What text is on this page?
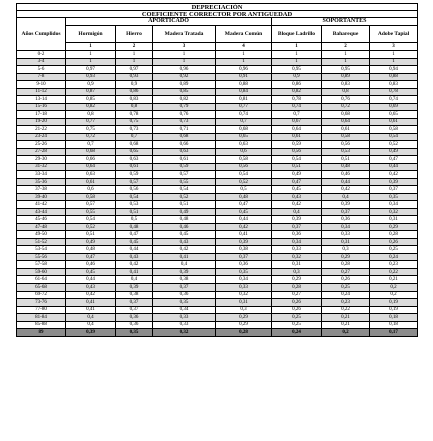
DEPRECIACIÓN							
COEFICIENTE CORRECTOR POR ANTIGÜEDAD							
Años Cumplidos	APORTICADO				SOPORTANTES		
	Hormigón	Hierro	Madera Tratada	Madera Común	Bloque Ladrillo	Bahareque	Adobe Tapial
	1	2	3	4	1	2	3
0-2	1	1	1	1	1	1	1
3-4	1	1	1	1	1	1	1
5-6	0,97	0,97	0,96	0,96	0,95	0,95	0,94
7-8	0,93	0,93	0,92	0,91	0,9	0,89	0,88
9-10	0,9	0,9	0,89	0,88	0,86	0,83	0,83
11-12	0,87	0,86	0,85	0,84	0,82	0,8	0,78
13-14	0,85	0,83	0,82	0,81	0,78	0,76	0,74
15-16	0,82	0,8	0,79	0,77	0,74	0,72	0,69
17-18	0,8	0,78	0,76	0,74	0,7	0,68	0,65
19-20	0,77	0,75	0,73	0,7	0,67	0,64	0,61
21-22	0,75	0,73	0,71	0,68	0,64	0,61	0,58
23-24	0,72	0,7	0,68	0,65	0,61	0,58	0,54
25-26	0,7	0,68	0,66	0,63	0,59	0,56	0,52
27-28	0,68	0,65	0,63	0,6	0,56	0,53	0,49
29-30	0,66	0,63	0,61	0,58	0,54	0,51	0,47
31-32	0,64	0,61	0,59	0,56	0,51	0,48	0,44
33-34	0,63	0,59	0,57	0,54	0,49	0,46	0,42
35-36	0,61	0,57	0,55	0,52	0,47	0,44	0,39
37-38	0,6	0,56	0,54	0,5	0,45	0,42	0,37
39-40	0,58	0,54	0,52	0,48	0,43	0,4	0,35
41-42	0,57	0,53	0,51	0,47	0,42	0,39	0,34
43-44	0,55	0,51	0,49	0,45	0,4	0,37	0,32
45-46	0,54	0,5	0,48	0,44	0,39	0,36	0,31
47-48	0,52	0,48	0,46	0,42	0,37	0,34	0,29
49-50	0,51	0,47	0,45	0,41	0,36	0,33	0,28
51-52	0,49	0,45	0,43	0,39	0,34	0,31	0,26
53-54	0,48	0,44	0,42	0,38	0,33	0,3	0,25
55-56	0,47	0,43	0,41	0,37	0,32	0,29	0,24
57-58	0,46	0,42	0,4	0,36	0,31	0,28	0,23
59-60	0,45	0,41	0,39	0,35	0,3	0,27	0,22
61-64	0,44	0,4	0,38	0,34	0,29	0,26	0,21
65-68	0,43	0,39	0,37	0,33	0,28	0,25	0,2
69-72	0,42	0,38	0,36	0,32	0,27	0,24	0,2
73-76	0,41	0,37	0,35	0,31	0,26	0,23	0,19
77-80	0,41	0,37	0,34	0,3	0,26	0,22	0,19
81-84	0,4	0,36	0,33	0,29	0,25	0,21	0,18
85-88	0,4	0,36	0,33	0,29	0,25	0,21	0,18
89	0,39	0,35	0,32	0,28	0,24	0,2	0,17
